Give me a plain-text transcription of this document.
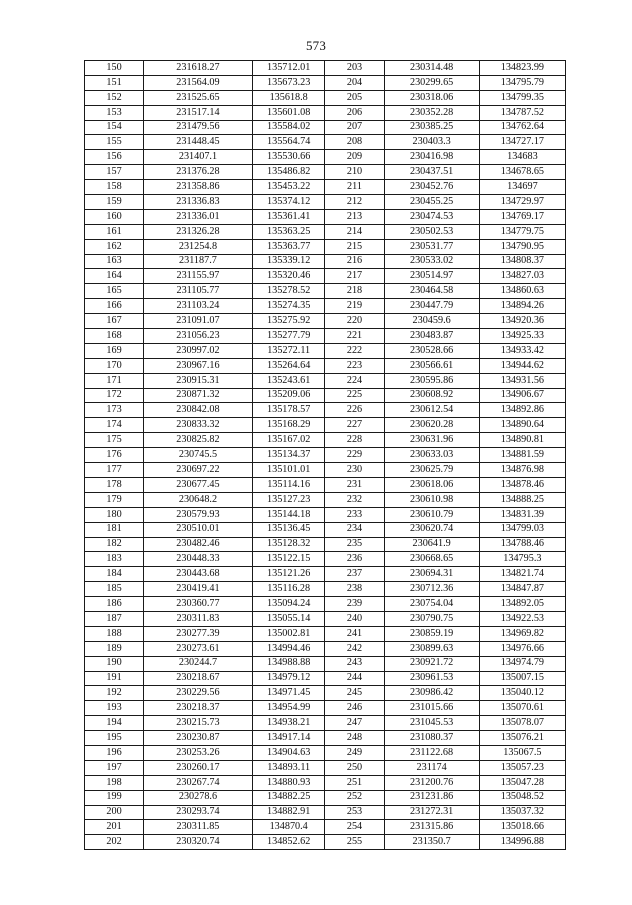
573
150	231618.27	135712.01	203	230314.48	134823.99
151	231564.09	135673.23	204	230299.65	134795.79
152	231525.65	135618.8	205	230318.06	134799.35
153	231517.14	135601.08	206	230352.28	134787.52
154	231479.56	135584.02	207	230385.25	134762.64
155	231448.45	135564.74	208	230403.3	134727.17
156	231407.1	135530.66	209	230416.98	134683
157	231376.28	135486.82	210	230437.51	134678.65
158	231358.86	135453.22	211	230452.76	134697
159	231336.83	135374.12	212	230455.25	134729.97
160	231336.01	135361.41	213	230474.53	134769.17
161	231326.28	135363.25	214	230502.53	134779.75
162	231254.8	135363.77	215	230531.77	134790.95
163	231187.7	135339.12	216	230533.02	134808.37
164	231155.97	135320.46	217	230514.97	134827.03
165	231105.77	135278.52	218	230464.58	134860.63
166	231103.24	135274.35	219	230447.79	134894.26
167	231091.07	135275.92	220	230459.6	134920.36
168	231056.23	135277.79	221	230483.87	134925.33
169	230997.02	135272.11	222	230528.66	134933.42
170	230967.16	135264.64	223	230566.61	134944.62
171	230915.31	135243.61	224	230595.86	134931.56
172	230871.32	135209.06	225	230608.92	134906.67
173	230842.08	135178.57	226	230612.54	134892.86
174	230833.32	135168.29	227	230620.28	134890.64
175	230825.82	135167.02	228	230631.96	134890.81
176	230745.5	135134.37	229	230633.03	134881.59
177	230697.22	135101.01	230	230625.79	134876.98
178	230677.45	135114.16	231	230618.06	134878.46
179	230648.2	135127.23	232	230610.98	134888.25
180	230579.93	135144.18	233	230610.79	134831.39
181	230510.01	135136.45	234	230620.74	134799.03
182	230482.46	135128.32	235	230641.9	134788.46
183	230448.33	135122.15	236	230668.65	134795.3
184	230443.68	135121.26	237	230694.31	134821.74
185	230419.41	135116.28	238	230712.36	134847.87
186	230360.77	135094.24	239	230754.04	134892.05
187	230311.83	135055.14	240	230790.75	134922.53
188	230277.39	135002.81	241	230859.19	134969.82
189	230273.61	134994.46	242	230899.63	134976.66
190	230244.7	134988.88	243	230921.72	134974.79
191	230218.67	134979.12	244	230961.53	135007.15
192	230229.56	134971.45	245	230986.42	135040.12
193	230218.37	134954.99	246	231015.66	135070.61
194	230215.73	134938.21	247	231045.53	135078.07
195	230230.87	134917.14	248	231080.37	135076.21
196	230253.26	134904.63	249	231122.68	135067.5
197	230260.17	134893.11	250	231174	135057.23
198	230267.74	134880.93	251	231200.76	135047.28
199	230278.6	134882.25	252	231231.86	135048.52
200	230293.74	134882.91	253	231272.31	135037.32
201	230311.85	134870.4	254	231315.86	135018.66
202	230320.74	134852.62	255	231350.7	134996.88
